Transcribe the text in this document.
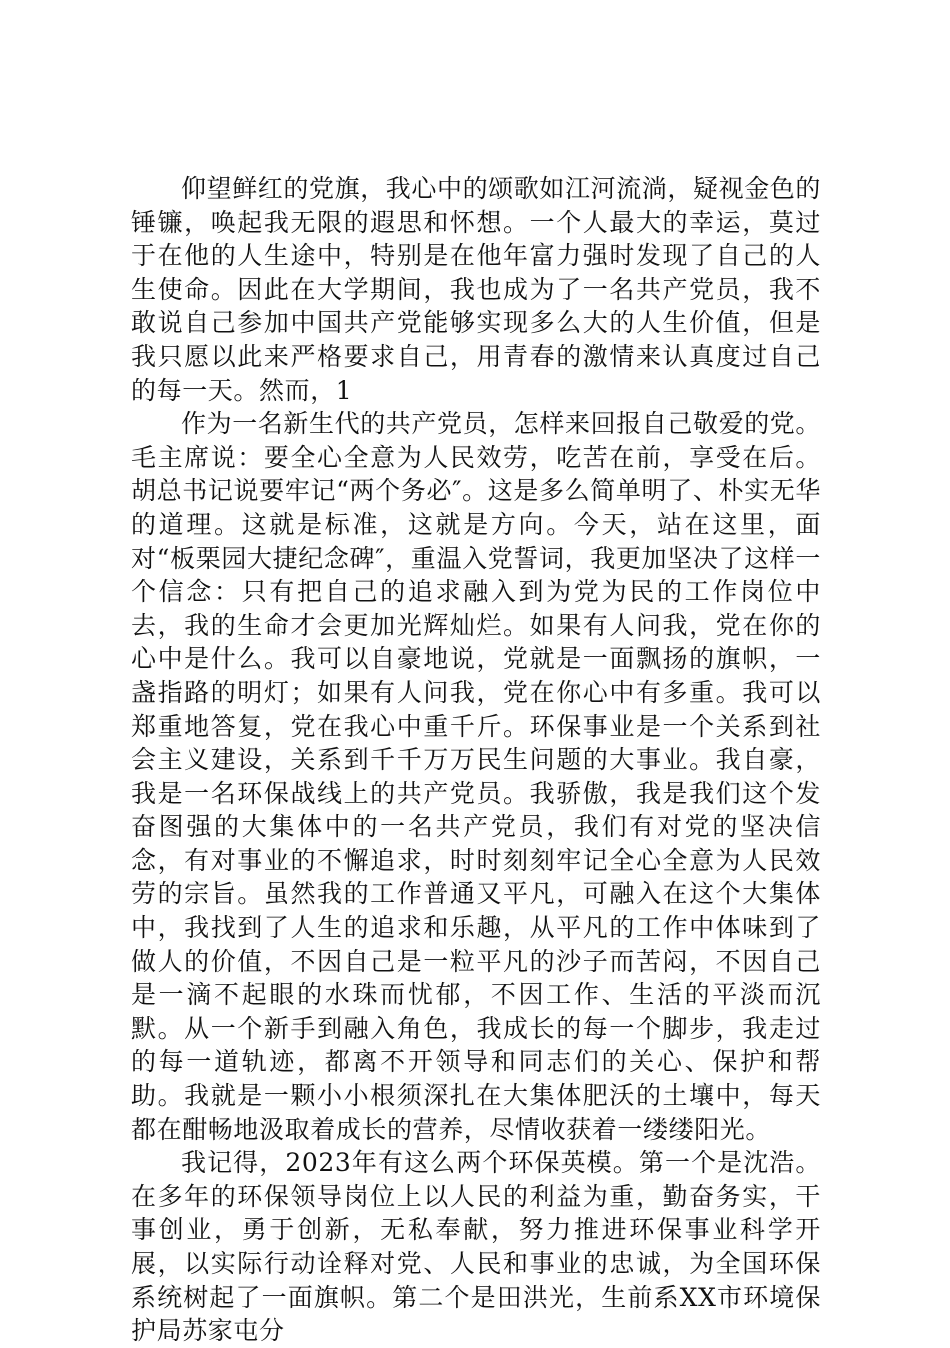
仰望鲜红的党旗，我心中的颂歌如江河流淌，疑视金色的锤镰，唤起我无限的遐思和怀想。一个人最大的幸运，莫过于在他的人生途中，特别是在他年富力强时发现了自己的人生使命。因此在大学期间，我也成为了一名共产党员，我不敢说自己参加中国共产党能够实现多么大的人生价值，但是我只愿以此来严格要求自己，用青春的激情来认真度过自己的每一天。然而，1

作为一名新生代的共产党员，怎样来回报自己敬爱的党。毛主席说：要全心全意为人民效劳，吃苦在前，享受在后。胡总书记说要牢记“两个务必″。这是多么简单明了、朴实无华的道理。这就是标准，这就是方向。今天，站在这里，面对“板栗园大捷纪念碑″，重温入党誓词，我更加坚决了这样一个信念：只有把自己的追求融入到为党为民的工作岗位中去，我的生命才会更加光辉灿烂。如果有人问我，党在你的心中是什么。我可以自豪地说，党就是一面飘扬的旗帜，一盏指路的明灯；如果有人问我，党在你心中有多重。我可以郑重地答复，党在我心中重千斤。环保事业是一个关系到社会主义建设，关系到千千万万民生问题的大事业。我自豪，我是一名环保战线上的共产党员。我骄傲，我是我们这个发奋图强的大集体中的一名共产党员，我们有对党的坚决信念，有对事业的不懈追求，时时刻刻牢记全心全意为人民效劳的宗旨。虽然我的工作普通又平凡，可融入在这个大集体中，我找到了人生的追求和乐趣，从平凡的工作中体味到了做人的价值，不因自己是一粒平凡的沙子而苦闷，不因自己是一滴不起眼的水珠而忧郁，不因工作、生活的平淡而沉默。从一个新手到融入角色，我成长的每一个脚步，我走过的每一道轨迹，都离不开领导和同志们的关心、保护和帮助。我就是一颗小小根须深扎在大集体肥沃的土壤中，每天都在酣畅地汲取着成长的营养，尽情收获着一缕缕阳光。

我记得，2023年有这么两个环保英模。第一个是沈浩。在多年的环保领导岗位上以人民的利益为重，勤奋务实，干事创业，勇于创新，无私奉献，努力推进环保事业科学开展，以实际行动诠释对党、人民和事业的忠诚，为全国环保系统树起了一面旗帜。第二个是田洪光，生前系XX市环境保护局苏家屯分
